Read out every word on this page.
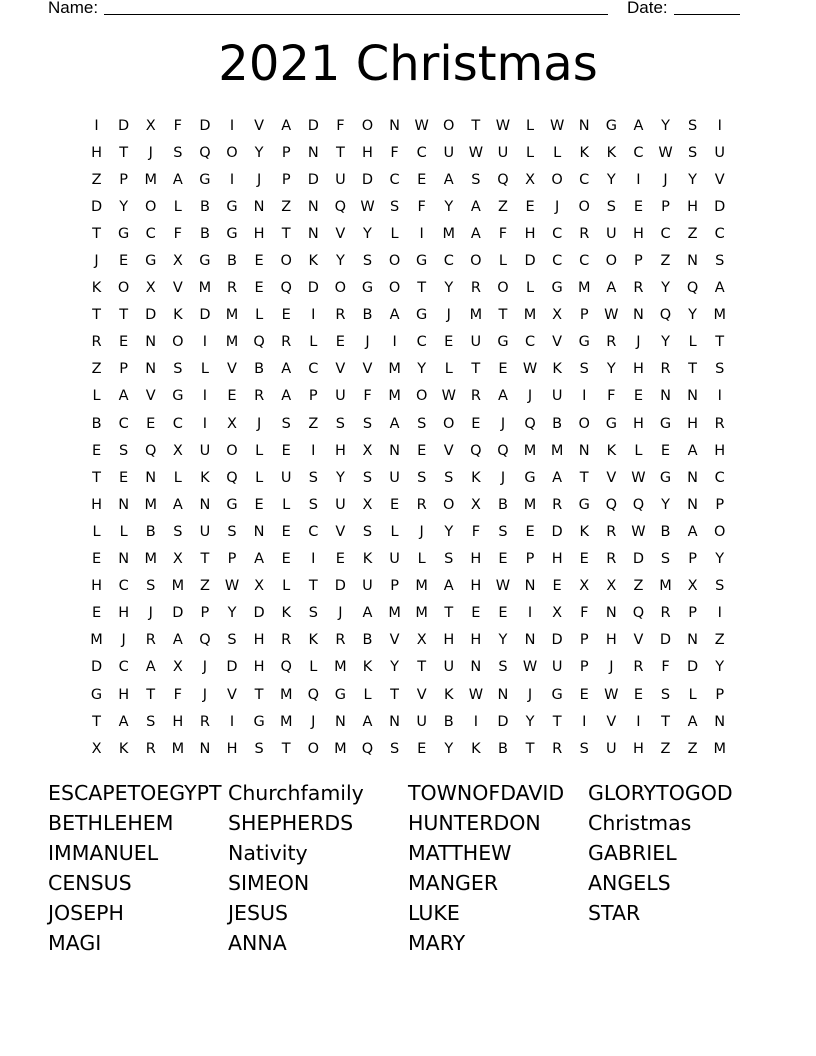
Name:	Date:
2021 Christmas
I	D	X	F	D	I	V	A	D	F	O	N	W O	T	W	L	W N	G	A	Y	S	I
H	T	J	S	Q	O	Y	P	N	T	H	F	C	U	W	U	L	L	K	K	C	W	S	U
Z	P	M	A	G	I	J	P	D	U	D	C	E	A	S	Q	X	O	C	Y	I	J	Y	V
D	Y	O	L	B	G	N	Z	N	Q W	S	F	Y	A	Z	E	J	O	S	E	P	H	D
T	G	C	F	B	G	H	T	N	V	Y	L	I	M	A	F	H	C	R	U	H	C	Z	C
J	E	G	X	G	B	E	O	K	Y	S	O	G	C	O	L	D	C	C	O	P	Z	N	S
K	O	X	V	M	R	E	Q	D	O	G	O	T	Y	R	O	L	G	M	A	R	Y	Q	A
T	T	D	K	D	M	L	E	I	R	B	A	G	J	M	T	M	X	P	W N	Q	Y	M
R	E	N	O	I	M	Q	R	L	E	J	I	C	E	U	G	C	V	G	R	J	Y	L	T
Z	P	N	S	L	V	B	A	C	V	V	M	Y	L	T	E	W	K	S	Y	H	R	T	S
L	A	V	G	I	E	R	A	P	U	F	M	O W	R	A	J	U	I	F	E	N	N	I
B	C	E	C	I	X	J	S	Z	S	S	A	S	O	E	J	Q	B	O	G	H	G	H	R
E	S	Q	X	U	O	L	E	I	H	X	N	E	V	Q	Q	M	M	N	K	L	E	A	H
T	E	N	L	K	Q	L	U	S	Y	S	U	S	S	K	J	G	A	T	V	W G	N	C
H	N	M	A	N	G	E	L	S	U	X	E	R	O	X	B	M	R	G	Q	Q	Y	N	P
L	L	B	S	U	S	N	E	C	V	S	L	J	Y	F	S	E	D	K	R	W	B	A	O
E	N	M	X	T	P	A	E	I	E	K	U	L	S	H	E	P	H	E	R	D	S	P	Y
H	C	S	M	Z	W	X	L	T	D	U	P	M	A	H W N	E	X	X	Z	M	X	S
E	H	J	D	P	Y	D	K	S	J	A	M	M	T	E	E	I	X	F	N	Q	R	P	I
M	J	R	A	Q	S	H	R	K	R	B	V	X	H	H	Y	N	D	P	H	V	D	N	Z
D	C	A	X	J	D	H	Q	L	M	K	Y	T	U	N	S	W	U	P	J	R	F	D	Y
G	H	T	F	J	V	T	M	Q	G	L	T	V	K	W N	J	G	E	W	E	S	L	P
T	A	S	H	R	I	G	M	J	N	A	N	U	B	I	D	Y	T	I	V	I	T	A	N
X	K	R	M	N	H	S	T	O	M	Q	S	E	Y	K	B	T	R	S	U	H	Z	Z	M
ESCAPETOEGYPT Churchfamily	TOWNOFDAVID	GLORYTOGOD
BETHLEHEM	SHEPHERDS	HUNTERDON	Christmas
IMMANUEL	Nativity	MATTHEW	GABRIEL
CENSUS	SIMEON	MANGER	ANGELS
JOSEPH	JESUS	LUKE	STAR
MAGI	ANNA	MARY
